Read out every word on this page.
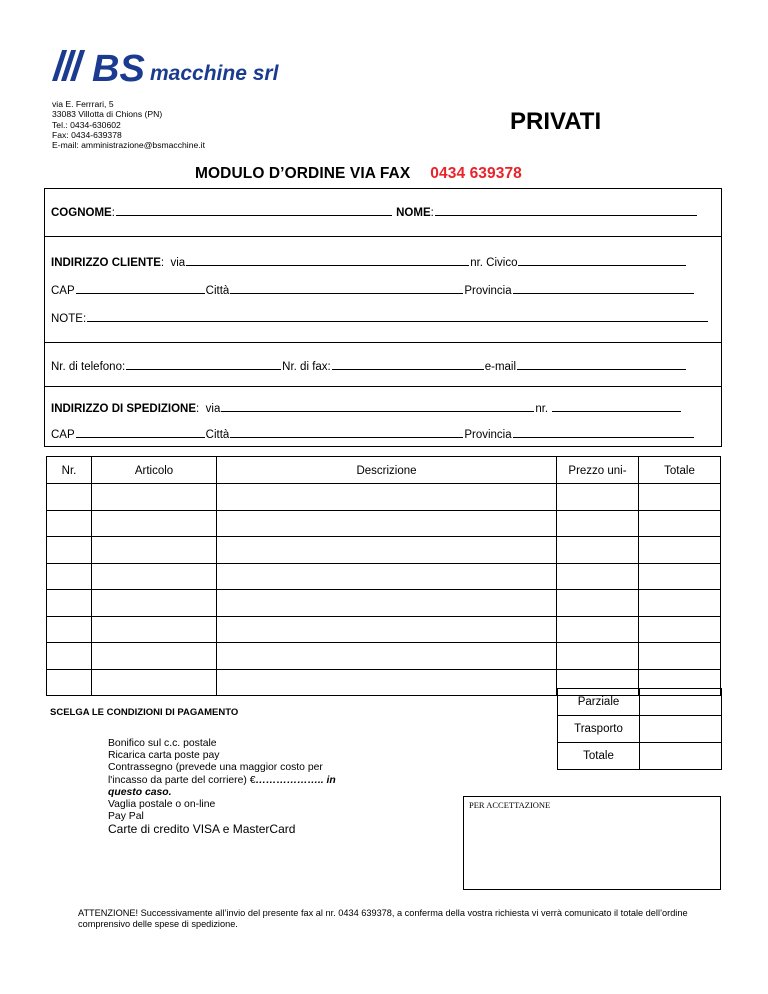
BS macchine srl
via E. Ferrrari, 5
33083 Villotta di Chions (PN)
Tel.: 0434-630602
Fax: 0434-639378
E-mail: amministrazione@bsmacchine.it
PRIVATI
MODULO D’ORDINE VIA FAX 0434 639378
COGNOME:	NOME:
INDIRIZZO CLIENTE:  via	nr. Civico
CAP	Città	Provincia
NOTE:
Nr. di telefono:	Nr. di fax:	e-mail
INDIRIZZO DI SPEDIZIONE:  via	nr.
CAP	Città	Provincia
Nr.	Articolo	Descrizione	Prezzo uni-	Totale

Parziale	
Trasporto	
Totale	
SCELGA LE CONDIZIONI DI PAGAMENTO
Bonifico sul c.c. postale
Ricarica carta poste pay
Contrassegno (prevede una maggior costo per
l'incasso da parte del corriere) €……………….. in
questo caso.
Vaglia postale o on-line
Pay Pal
Carte di credito VISA e MasterCard
PER ACCETTAZIONE
ATTENZIONE! Successivamente all’invio del presente fax al nr. 0434 639378, a conferma della vostra richiesta vi verrà comunicato il totale dell’ordine comprensivo delle spese di spedizione.
